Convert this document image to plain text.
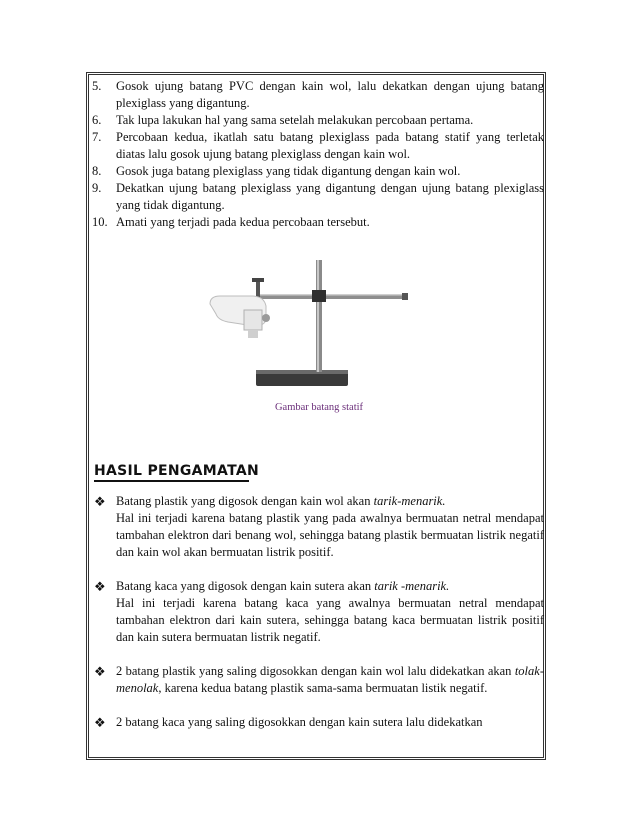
5.	Gosok ujung batang PVC dengan kain wol, lalu dekatkan dengan ujung batang plexiglass yang digantung.
6.	Tak lupa lakukan hal yang sama setelah melakukan percobaan pertama.
7.	Percobaan kedua, ikatlah satu batang plexiglass pada batang statif yang terletak diatas lalu gosok ujung batang plexiglass dengan kain wol.
8.	Gosok juga batang plexiglass yang tidak digantung dengan kain wol.
9.	Dekatkan ujung batang plexiglass yang digantung dengan ujung batang plexiglass yang tidak digantung.
10. Amati yang terjadi pada kedua percobaan tersebut.
Gambar batang statif
HASIL PENGAMATAN
❖ Batang plastik yang digosok dengan kain wol akan tarik-menarik.

Hal ini terjadi karena batang plastik yang pada awalnya bermuatan netral mendapat tambahan elektron dari benang wol, sehingga batang plastik bermuatan listrik negatif dan kain wol akan bermuatan listrik positif.

❖ Batang kaca yang digosok dengan kain sutera akan tarik -menarik.

Hal ini terjadi karena batang kaca yang awalnya bermuatan netral mendapat tambahan elektron dari kain sutera, sehingga batang kaca bermuatan listrik positif dan kain sutera bermuatan listrik negatif.

❖ 2 batang plastik yang saling digosokkan dengan kain wol lalu didekatkan akan tolak-menolak, karena kedua batang plastik sama-sama bermuatan listik negatif.

❖ 2 batang kaca yang saling digosokkan dengan kain sutera lalu didekatkan
